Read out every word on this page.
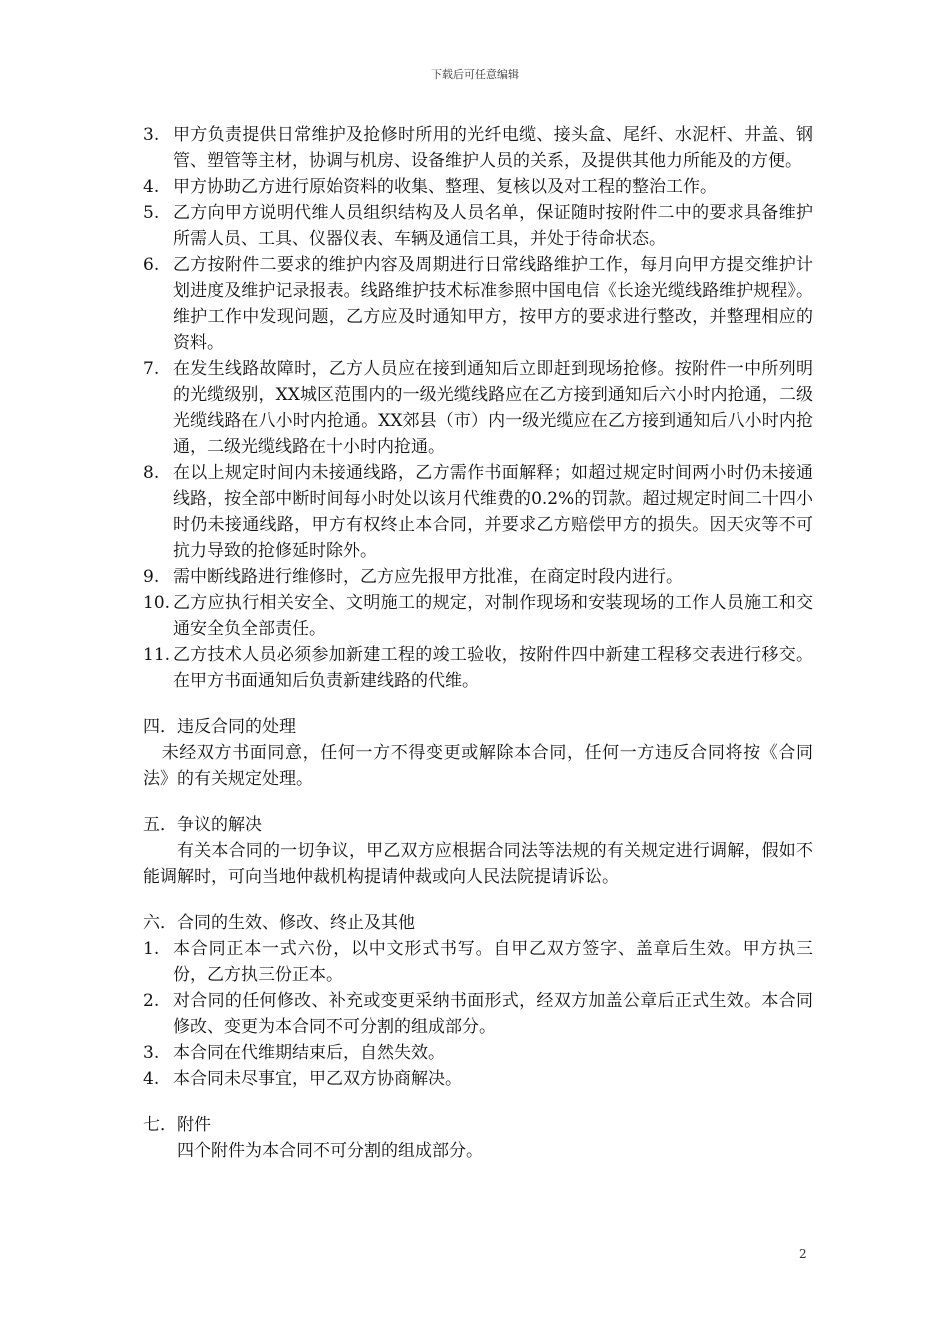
下载后可任意编辑
3. 甲方负责提供日常维护及抢修时所用的光纤电缆、接头盒、尾纤、水泥杆、井盖、钢管、塑管等主材，协调与机房、设备维护人员的关系，及提供其他力所能及的方便。
4. 甲方协助乙方进行原始资料的收集、整理、复核以及对工程的整治工作。
5. 乙方向甲方说明代维人员组织结构及人员名单，保证随时按附件二中的要求具备维护所需人员、工具、仪器仪表、车辆及通信工具，并处于待命状态。
6. 乙方按附件二要求的维护内容及周期进行日常线路维护工作，每月向甲方提交维护计划进度及维护记录报表。线路维护技术标准参照中国电信《长途光缆线路维护规程》。维护工作中发现问题，乙方应及时通知甲方，按甲方的要求进行整改，并整理相应的资料。
7. 在发生线路故障时，乙方人员应在接到通知后立即赶到现场抢修。按附件一中所列明的光缆级别，XX城区范围内的一级光缆线路应在乙方接到通知后六小时内抢通，二级光缆线路在八小时内抢通。XX郊县（市）内一级光缆应在乙方接到通知后八小时内抢通，二级光缆线路在十小时内抢通。
8. 在以上规定时间内未接通线路，乙方需作书面解释；如超过规定时间两小时仍未接通线路，按全部中断时间每小时处以该月代维费的0.2%的罚款。超过规定时间二十四小时仍未接通线路，甲方有权终止本合同，并要求乙方赔偿甲方的损失。因天灾等不可抗力导致的抢修延时除外。
9. 需中断线路进行维修时，乙方应先报甲方批准，在商定时段内进行。
10. 乙方应执行相关安全、文明施工的规定，对制作现场和安装现场的工作人员施工和交通安全负全部责任。
11. 乙方技术人员必须参加新建工程的竣工验收，按附件四中新建工程移交表进行移交。在甲方书面通知后负责新建线路的代维。
四．违反合同的处理
未经双方书面同意，任何一方不得变更或解除本合同，任何一方违反合同将按《合同法》的有关规定处理。
五．争议的解决
有关本合同的一切争议，甲乙双方应根据合同法等法规的有关规定进行调解，假如不能调解时，可向当地仲裁机构提请仲裁或向人民法院提请诉讼。
六．合同的生效、修改、终止及其他
1. 本合同正本一式六份，以中文形式书写。自甲乙双方签字、盖章后生效。甲方执三份，乙方执三份正本。
2. 对合同的任何修改、补充或变更采纳书面形式，经双方加盖公章后正式生效。本合同修改、变更为本合同不可分割的组成部分。
3. 本合同在代维期结束后，自然失效。
4. 本合同未尽事宜，甲乙双方协商解决。
七．附件
四个附件为本合同不可分割的组成部分。
2
